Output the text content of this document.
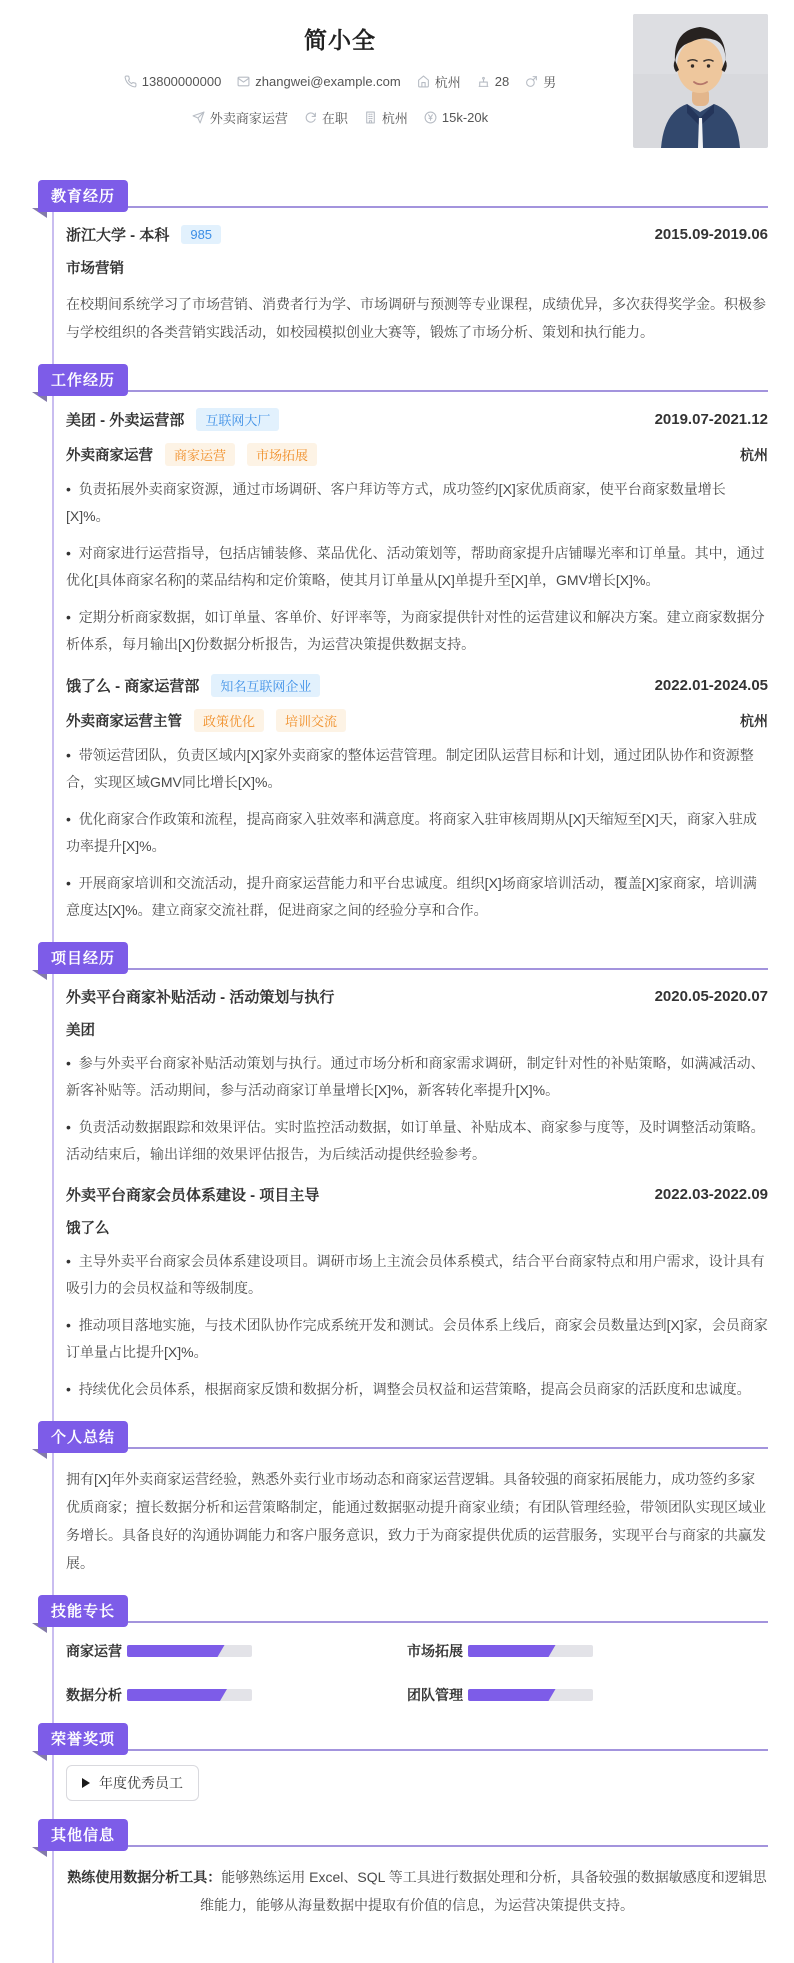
简小全
13800000000	zhangwei@example.com	杭州	28	男
外卖商家运营	在职	杭州	15k-20k
教育经历
浙江大学 - 本科	985	2015.09-2019.06
市场营销

在校期间系统学习了市场营销、消费者行为学、市场调研与预测等专业课程，成绩优异，多次获得奖学金。积极参与学校组织的各类营销实践活动，如校园模拟创业大赛等，锻炼了市场分析、策划和执行能力。

工作经历
美团 - 外卖运营部	互联网大厂	2019.07-2021.12
外卖商家运营	商家运营	市场拓展	杭州

•  负责拓展外卖商家资源，通过市场调研、客户拜访等方式，成功签约[X]家优质商家，使平台商家数量增长[X]%。

•  对商家进行运营指导，包括店铺装修、菜品优化、活动策划等，帮助商家提升店铺曝光率和订单量。其中，通过优化[具体商家名称]的菜品结构和定价策略，使其月订单量从[X]单提升至[X]单，GMV增长[X]%。

•  定期分析商家数据，如订单量、客单价、好评率等，为商家提供针对性的运营建议和解决方案。建立商家数据分析体系，每月输出[X]份数据分析报告，为运营决策提供数据支持。

饿了么 - 商家运营部	知名互联网企业	2022.01-2024.05
外卖商家运营主管	政策优化	培训交流	杭州

•  带领运营团队，负责区域内[X]家外卖商家的整体运营管理。制定团队运营目标和计划，通过团队协作和资源整合，实现区域GMV同比增长[X]%。

•  优化商家合作政策和流程，提高商家入驻效率和满意度。将商家入驻审核周期从[X]天缩短至[X]天，商家入驻成功率提升[X]%。

•  开展商家培训和交流活动，提升商家运营能力和平台忠诚度。组织[X]场商家培训活动，覆盖[X]家商家，培训满意度达[X]%。建立商家交流社群，促进商家之间的经验分享和合作。

项目经历
外卖平台商家补贴活动 - 活动策划与执行	2020.05-2020.07
美团

•  参与外卖平台商家补贴活动策划与执行。通过市场分析和商家需求调研，制定针对性的补贴策略，如满减活动、新客补贴等。活动期间，参与活动商家订单量增长[X]%，新客转化率提升[X]%。

•  负责活动数据跟踪和效果评估。实时监控活动数据，如订单量、补贴成本、商家参与度等，及时调整活动策略。活动结束后，输出详细的效果评估报告，为后续活动提供经验参考。

外卖平台商家会员体系建设 - 项目主导	2022.03-2022.09
饿了么

•  主导外卖平台商家会员体系建设项目。调研市场上主流会员体系模式，结合平台商家特点和用户需求，设计具有吸引力的会员权益和等级制度。

•  推动项目落地实施，与技术团队协作完成系统开发和测试。会员体系上线后，商家会员数量达到[X]家，会员商家订单量占比提升[X]%。

•  持续优化会员体系，根据商家反馈和数据分析，调整会员权益和运营策略，提高会员商家的活跃度和忠诚度。

个人总结

拥有[X]年外卖商家运营经验，熟悉外卖行业市场动态和商家运营逻辑。具备较强的商家拓展能力，成功签约多家优质商家；擅长数据分析和运营策略制定，能通过数据驱动提升商家业绩；有团队管理经验，带领团队实现区域业务增长。具备良好的沟通协调能力和客户服务意识，致力于为商家提供优质的运营服务，实现平台与商家的共赢发展。

技能专长
商家运营	市场拓展
数据分析	团队管理
荣誉奖项
年度优秀员工
其他信息

熟练使用数据分析工具：能够熟练运用 Excel、SQL 等工具进行数据处理和分析，具备较强的数据敏感度和逻辑思维能力，能够从海量数据中提取有价值的信息，为运营决策提供支持。
